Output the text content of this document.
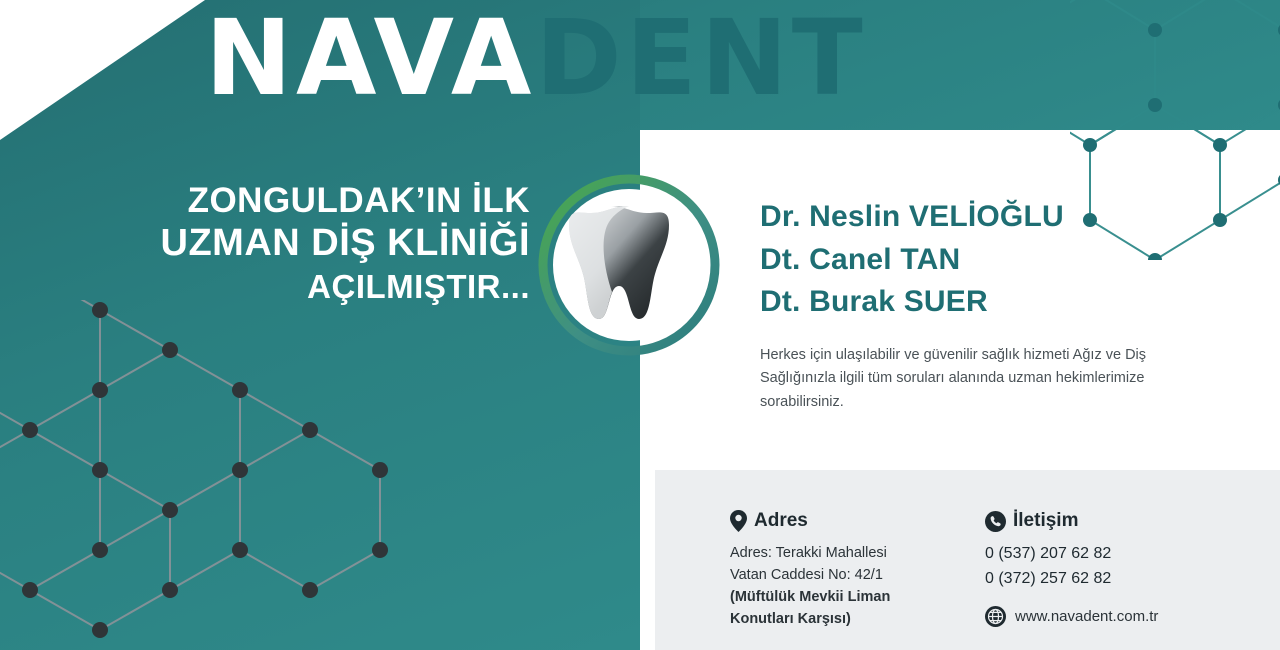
NAVADENT
ZONGULDAK’IN İLK
UZMAN DİŞ KLİNİĞİ
AÇILMIŞTIR...
Dr. Neslin VELİOĞLU
Dt. Canel TAN
Dt. Burak SUER
Herkes için ulaşılabilir ve güvenilir sağlık hizmeti Ağız ve Diş Sağlığınızla ilgili tüm soruları alanında uzman hekimlerimize sorabilirsiniz.
Adres
Adres: Terakki Mahallesi
Vatan Caddesi No: 42/1
(Müftülük Mevkii Liman
Konutları Karşısı)
İletişim
0 (537) 207 62 82
0 (372) 257 62 82
www.navadent.com.tr
